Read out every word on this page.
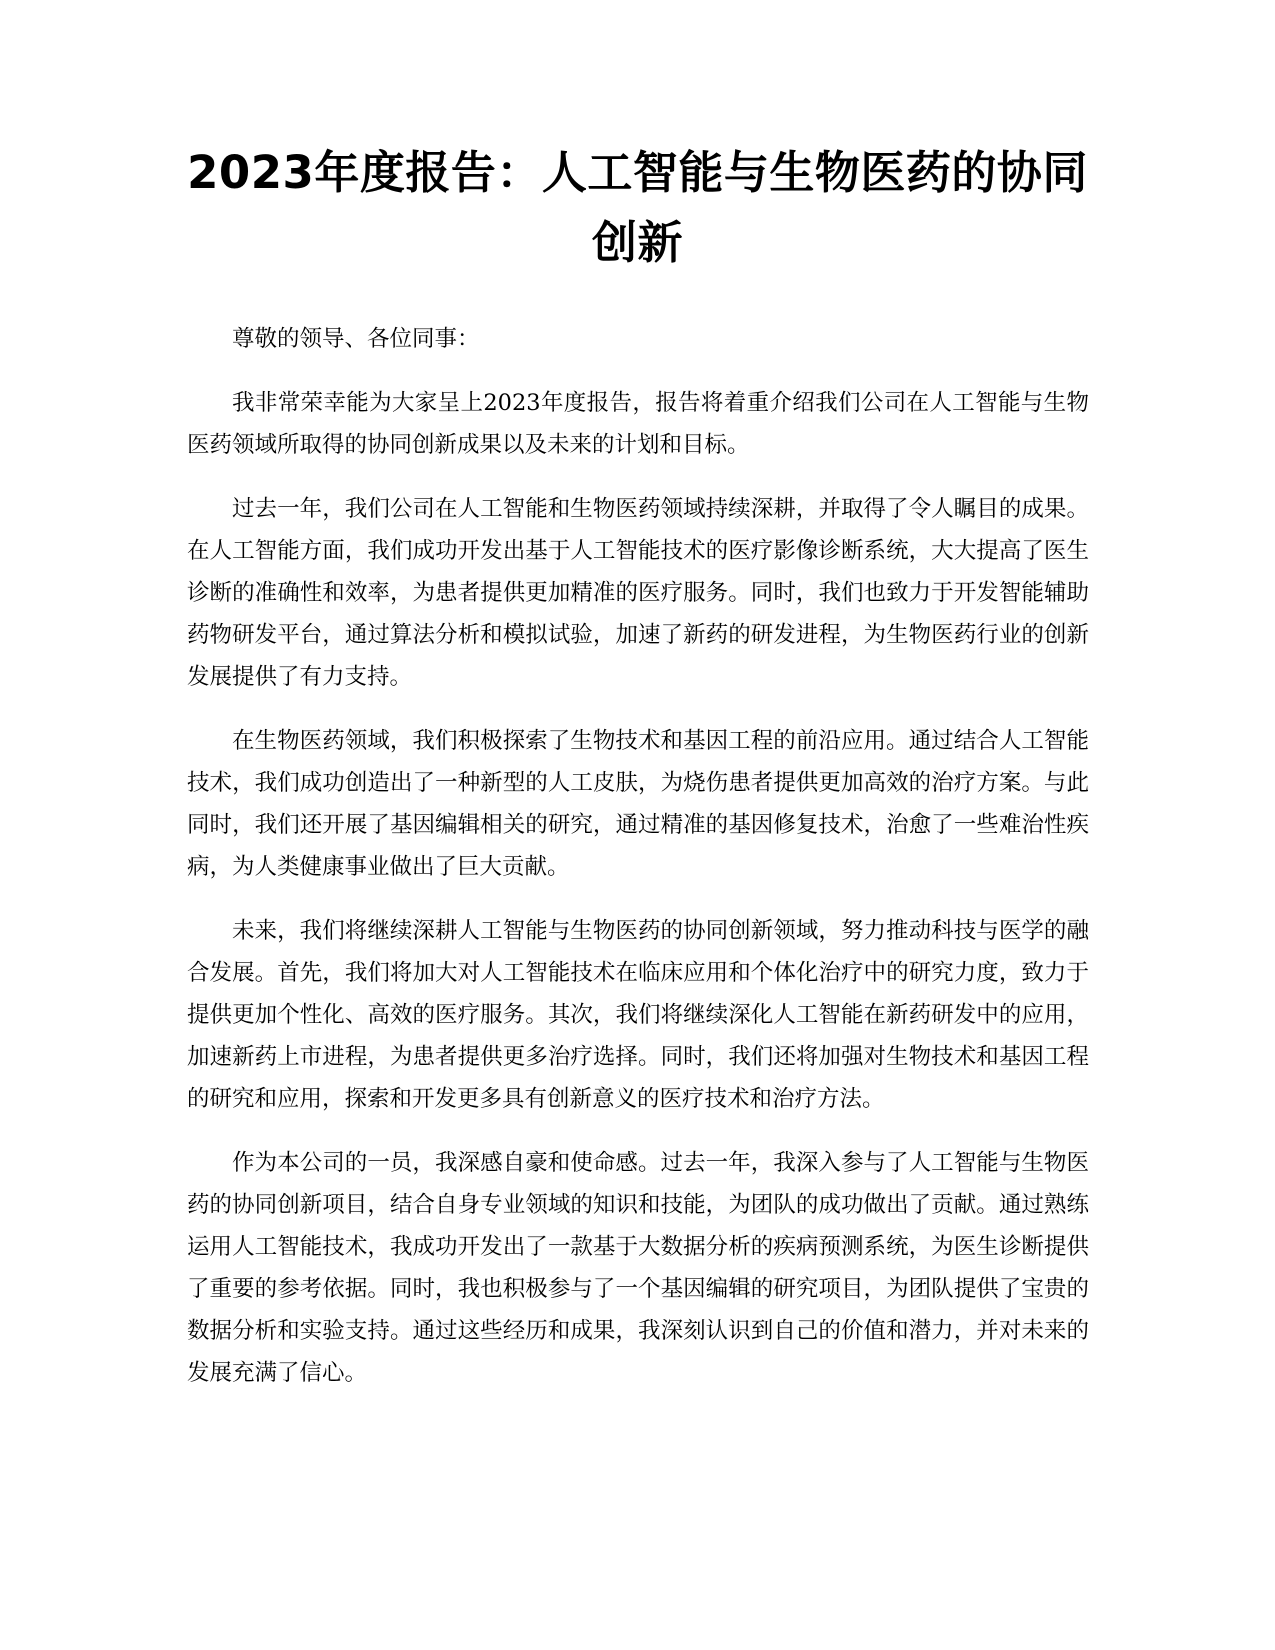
2023年度报告：人工智能与生物医药的协同创新

尊敬的领导、各位同事：

我非常荣幸能为大家呈上2023年度报告，报告将着重介绍我们公司在人工智能与生物医药领域所取得的协同创新成果以及未来的计划和目标。

过去一年，我们公司在人工智能和生物医药领域持续深耕，并取得了令人瞩目的成果。在人工智能方面，我们成功开发出基于人工智能技术的医疗影像诊断系统，大大提高了医生诊断的准确性和效率，为患者提供更加精准的医疗服务。同时，我们也致力于开发智能辅助药物研发平台，通过算法分析和模拟试验，加速了新药的研发进程，为生物医药行业的创新发展提供了有力支持。

在生物医药领域，我们积极探索了生物技术和基因工程的前沿应用。通过结合人工智能技术，我们成功创造出了一种新型的人工皮肤，为烧伤患者提供更加高效的治疗方案。与此同时，我们还开展了基因编辑相关的研究，通过精准的基因修复技术，治愈了一些难治性疾病，为人类健康事业做出了巨大贡献。

未来，我们将继续深耕人工智能与生物医药的协同创新领域，努力推动科技与医学的融合发展。首先，我们将加大对人工智能技术在临床应用和个体化治疗中的研究力度，致力于提供更加个性化、高效的医疗服务。其次，我们将继续深化人工智能在新药研发中的应用，加速新药上市进程，为患者提供更多治疗选择。同时，我们还将加强对生物技术和基因工程的研究和应用，探索和开发更多具有创新意义的医疗技术和治疗方法。

作为本公司的一员，我深感自豪和使命感。过去一年，我深入参与了人工智能与生物医药的协同创新项目，结合自身专业领域的知识和技能，为团队的成功做出了贡献。通过熟练运用人工智能技术，我成功开发出了一款基于大数据分析的疾病预测系统，为医生诊断提供了重要的参考依据。同时，我也积极参与了一个基因编辑的研究项目，为团队提供了宝贵的数据分析和实验支持。通过这些经历和成果，我深刻认识到自己的价值和潜力，并对未来的发展充满了信心。
